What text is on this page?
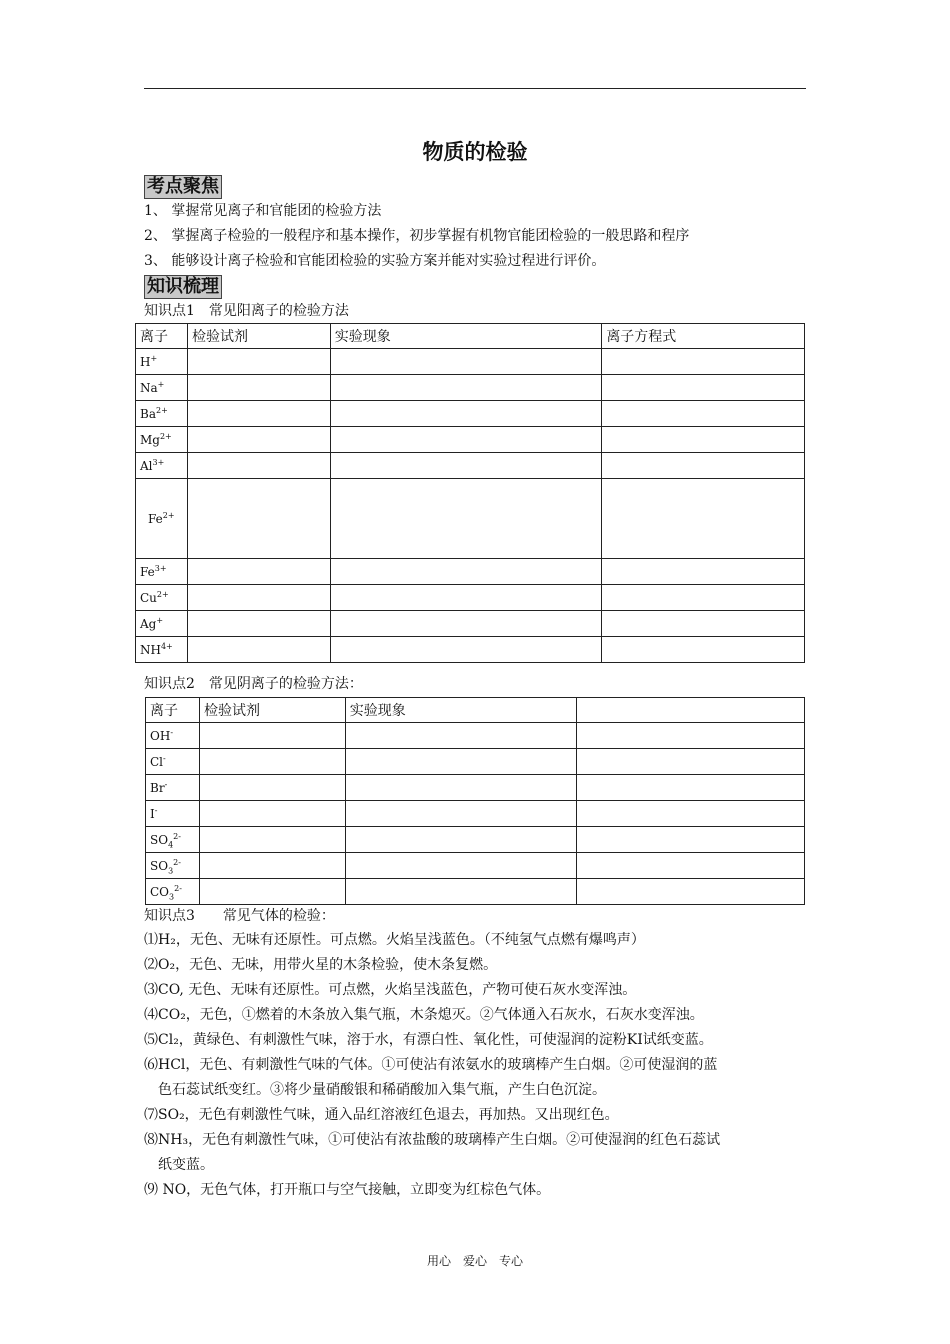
物质的检验
考点聚焦
1、 掌握常见离子和官能团的检验方法
2、 掌握离子检验的一般程序和基本操作，初步掌握有机物官能团检验的一般思路和程序
3、 能够设计离子检验和官能团检验的实验方案并能对实验过程进行评价。
知识梳理
知识点1　常见阳离子的检验方法
离子	检验试剂	实验现象	离子方程式
H+			
Na+			
$Ba^{2+}$			
$Mg^{2+}$			
$Al^{3+}$			
$Fe^{2+}$			
$Fe^{3+}$			
$Cu^{2+}$			
Ag+			
$NH^{4+}$			
知识点2　常见阴离子的检验方法：
离子	检验试剂	实验现象	
OH-			
Cl-			
Br-			
I-			
$SO_4^{2-}$			
$SO_3^{2-}$			
$CO_3^{2-}$			
知识点3　　常见气体的检验：
⑴H₂，无色、无味有还原性。可点燃。火焰呈浅蓝色。（不纯氢气点燃有爆鸣声）
⑵O₂，无色、无味，用带火星的木条检验，使木条复燃。
⑶CO, 无色、无味有还原性。可点燃，火焰呈浅蓝色，产物可使石灰水变浑浊。
⑷CO₂，无色，①燃着的木条放入集气瓶，木条熄灭。②气体通入石灰水，石灰水变浑浊。
⑸Cl₂，黄绿色、有刺激性气味，溶于水，有漂白性、氧化性，可使湿润的淀粉KI试纸变蓝。
⑹HCl，无色、有刺激性气味的气体。①可使沾有浓氨水的玻璃棒产生白烟。②可使湿润的蓝
色石蕊试纸变红。③将少量硝酸银和稀硝酸加入集气瓶，产生白色沉淀。
⑺SO₂，无色有刺激性气味，通入品红溶液红色退去，再加热。又出现红色。
⑻NH₃，无色有刺激性气味，①可使沾有浓盐酸的玻璃棒产生白烟。②可使湿润的红色石蕊试
纸变蓝。
⑼ NO，无色气体，打开瓶口与空气接触，立即变为红棕色气体。
用心　爱心　专心
